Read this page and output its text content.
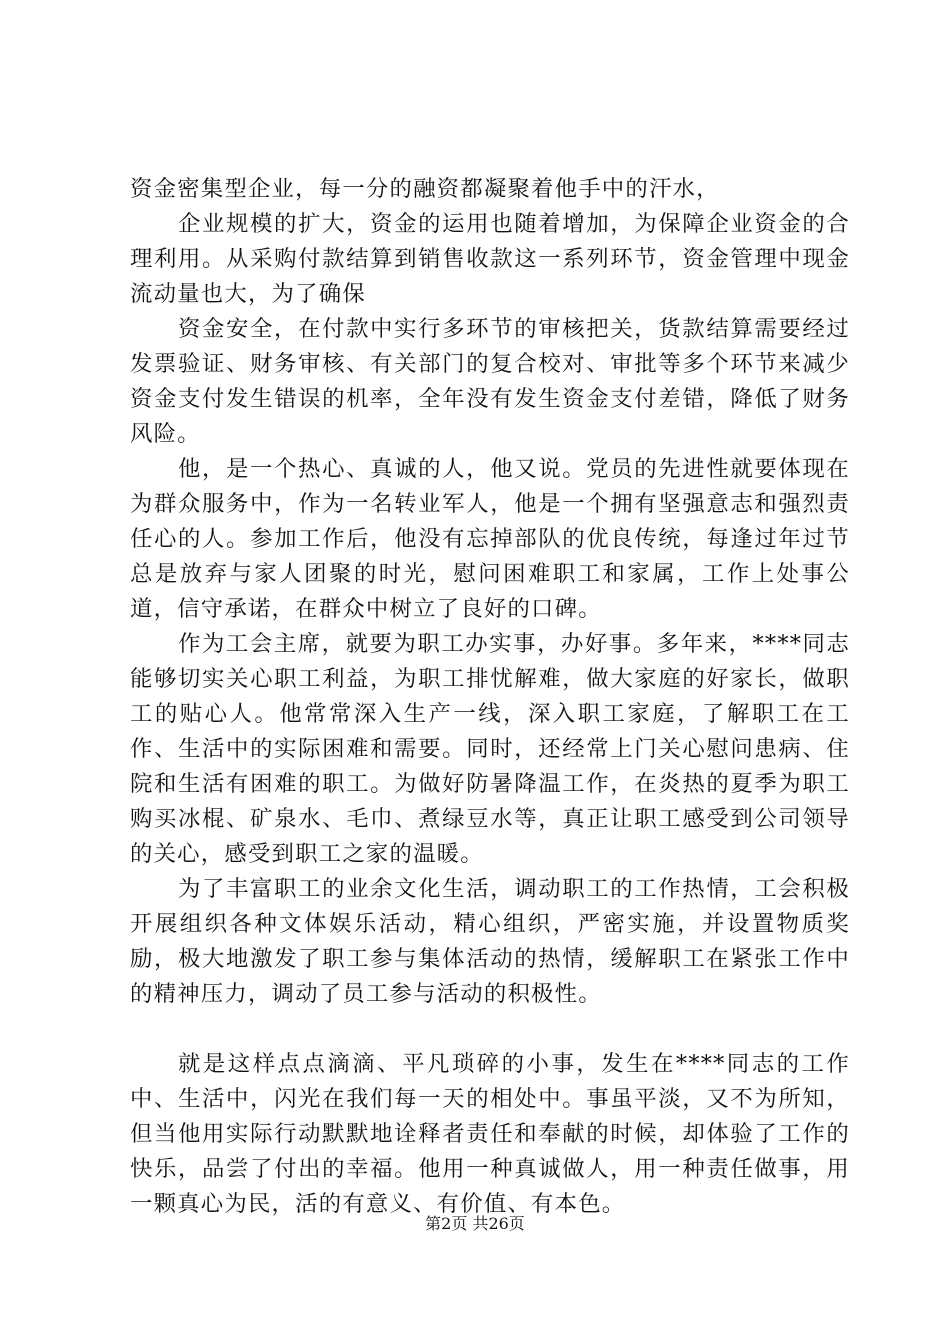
资金密集型企业，每一分的融资都凝聚着他手中的汗水，

企业规模的扩大，资金的运用也随着增加，为保障企业资金的合理利用。从采购付款结算到销售收款这一系列环节，资金管理中现金流动量也大，为了确保

资金安全，在付款中实行多环节的审核把关，货款结算需要经过发票验证、财务审核、有关部门的复合校对、审批等多个环节来减少资金支付发生错误的机率，全年没有发生资金支付差错，降低了财务风险。

他，是一个热心、真诚的人，他又说。党员的先进性就要体现在为群众服务中，作为一名转业军人，他是一个拥有坚强意志和强烈责任心的人。参加工作后，他没有忘掉部队的优良传统，每逢过年过节总是放弃与家人团聚的时光，慰问困难职工和家属，工作上处事公道，信守承诺，在群众中树立了良好的口碑。

作为工会主席，就要为职工办实事，办好事。多年来，****同志能够切实关心职工利益，为职工排忧解难，做大家庭的好家长，做职工的贴心人。他常常深入生产一线，深入职工家庭，了解职工在工作、生活中的实际困难和需要。同时，还经常上门关心慰问患病、住院和生活有困难的职工。为做好防暑降温工作，在炎热的夏季为职工购买冰棍、矿泉水、毛巾、煮绿豆水等，真正让职工感受到公司领导的关心，感受到职工之家的温暖。

为了丰富职工的业余文化生活，调动职工的工作热情，工会积极开展组织各种文体娱乐活动，精心组织，严密实施，并设置物质奖励，极大地激发了职工参与集体活动的热情，缓解职工在紧张工作中的精神压力，调动了员工参与活动的积极性。

就是这样点点滴滴、平凡琐碎的小事，发生在****同志的工作中、生活中，闪光在我们每一天的相处中。事虽平淡，又不为所知，但当他用实际行动默默地诠释者责任和奉献的时候，却体验了工作的快乐，品尝了付出的幸福。他用一种真诚做人，用一种责任做事，用一颗真心为民，活的有意义、有价值、有本色。

第2页 共26页
